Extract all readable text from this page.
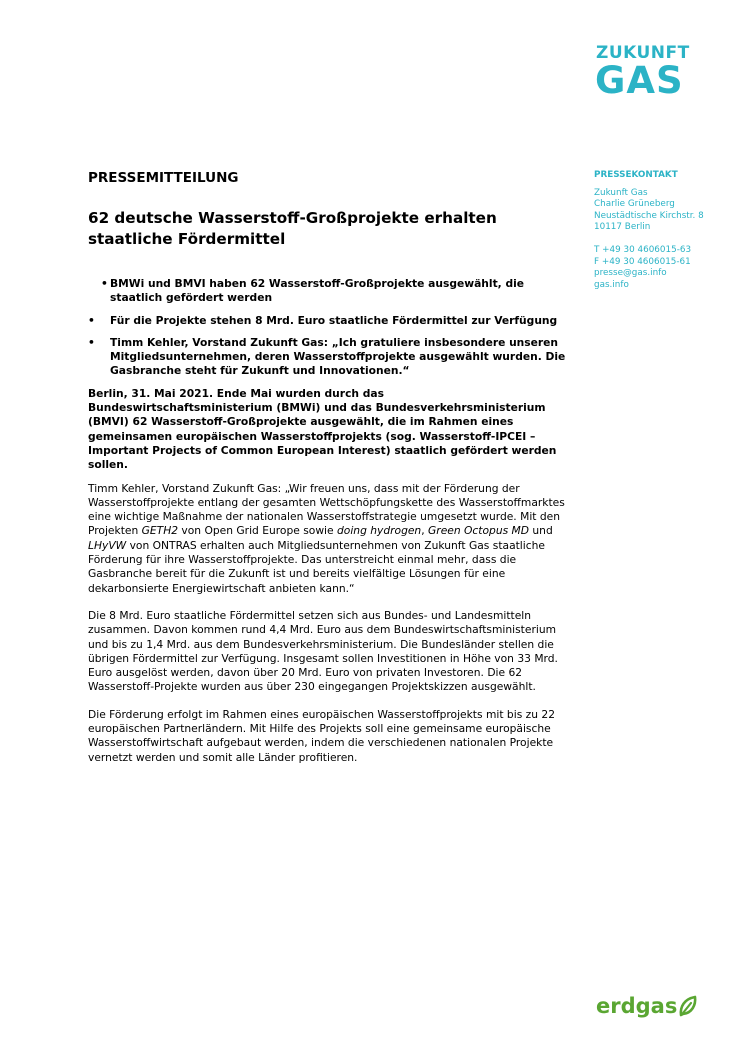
ZUKUNFT
GAS
PRESSEKONTAKT
Zukunft Gas
Charlie Grüneberg
Neustädtische Kirchstr. 8
10117 Berlin
T +49 30 4606015-63
F +49 30 4606015-61
presse@gas.info
gas.info

PRESSEMITTEILUNG

62 deutsche Wasserstoff-Großprojekte erhalten staatliche Fördermittel
• BMWi und BMVI haben 62 Wasserstoff-Großprojekte ausgewählt, die staatlich gefördert werden
• Für die Projekte stehen 8 Mrd. Euro staatliche Fördermittel zur Verfügung
• Timm Kehler, Vorstand Zukunft Gas: „Ich gratuliere insbesondere unseren Mitgliedsunternehmen, deren Wasserstoffprojekte ausgewählt wurden. Die Gasbranche steht für Zukunft und Innovationen.“

Berlin, 31. Mai 2021. Ende Mai wurden durch das Bundeswirtschaftsministerium (BMWi) und das Bundesverkehrsministerium (BMVI) 62 Wasserstoff-Großprojekte ausgewählt, die im Rahmen eines gemeinsamen europäischen Wasserstoffprojekts (sog. Wasserstoff-IPCEI – Important Projects of Common European Interest) staatlich gefördert werden sollen.

Timm Kehler, Vorstand Zukunft Gas: „Wir freuen uns, dass mit der Förderung der Wasserstoffprojekte entlang der gesamten Wettschöpfungskette des Wasserstoffmarktes eine wichtige Maßnahme der nationalen Wasserstoffstrategie umgesetzt wurde. Mit den Projekten GETH2 von Open Grid Europe sowie doing hydrogen, Green Octopus MD und LHyVW von ONTRAS erhalten auch Mitgliedsunternehmen von Zukunft Gas staatliche Förderung für ihre Wasserstoffprojekte. Das unterstreicht einmal mehr, dass die Gasbranche bereit für die Zukunft ist und bereits vielfältige Lösungen für eine dekarbonsierte Energiewirtschaft anbieten kann.“

Die 8 Mrd. Euro staatliche Fördermittel setzen sich aus Bundes- und Landesmitteln zusammen. Davon kommen rund 4,4 Mrd. Euro aus dem Bundeswirtschaftsministerium und bis zu 1,4 Mrd. aus dem Bundesverkehrsministerium. Die Bundesländer stellen die übrigen Fördermittel zur Verfügung. Insgesamt sollen Investitionen in Höhe von 33 Mrd. Euro ausgelöst werden, davon über 20 Mrd. Euro von privaten Investoren. Die 62 Wasserstoff-Projekte wurden aus über 230 eingegangen Projektskizzen ausgewählt.

Die Förderung erfolgt im Rahmen eines europäischen Wasserstoffprojekts mit bis zu 22 europäischen Partnerländern. Mit Hilfe des Projekts soll eine gemeinsame europäische Wasserstoffwirtschaft aufgebaut werden, indem die verschiedenen nationalen Projekte vernetzt werden und somit alle Länder profitieren.

erdgas
